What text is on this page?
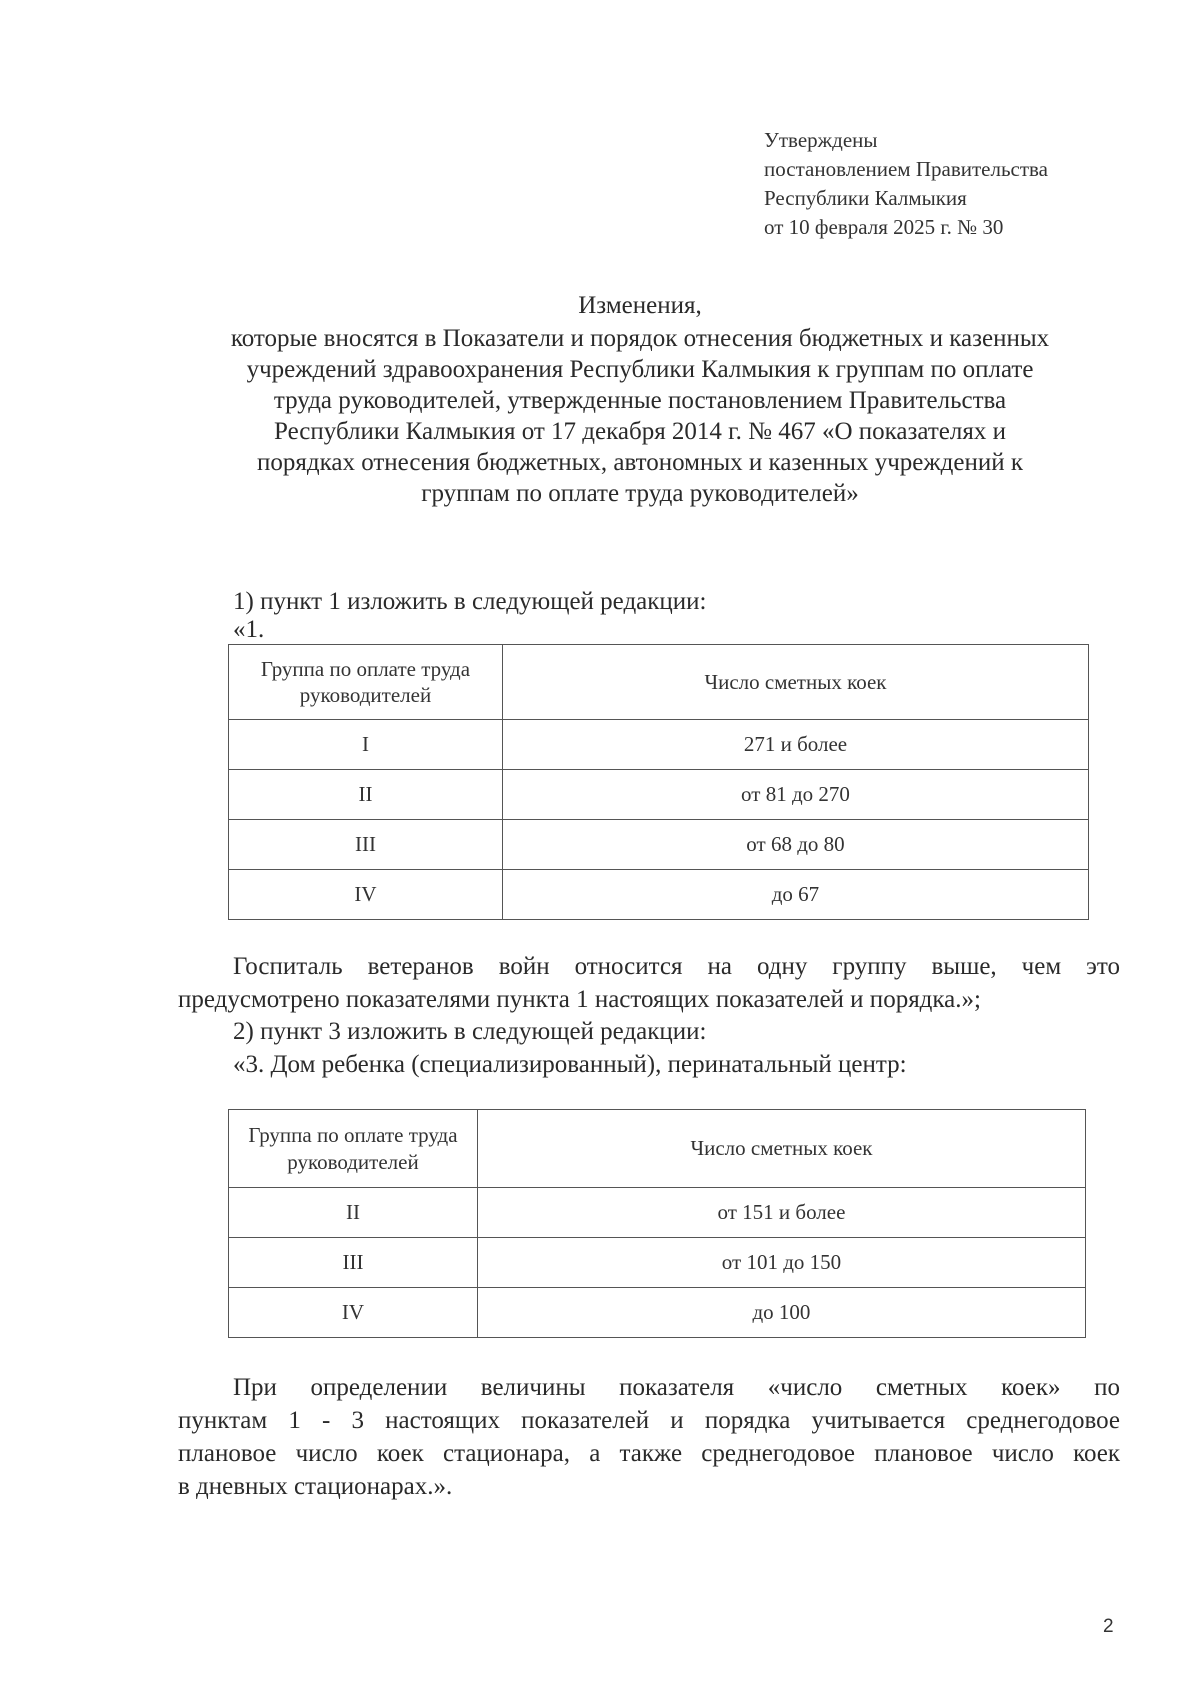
Утверждены
постановлением Правительства
Республики Калмыкия
от 10 февраля 2025 г. № 30
Изменения,
которые вносятся в Показатели и порядок отнесения бюджетных и казенных
учреждений здравоохранения Республики Калмыкия к группам по оплате
труда руководителей, утвержденные постановлением Правительства
Республики Калмыкия от 17 декабря 2014 г. № 467 «О показателях и
порядках отнесения бюджетных, автономных и казенных учреждений к
группам по оплате труда руководителей»
1) пункт 1 изложить в следующей редакции:
«1.
Группа по оплате труда руководителей	Число сметных коек
I	271 и более
II	от 81 до 270
III	от 68 до 80
IV	до 67
Госпиталь ветеранов войн относится на одну группу выше, чем это
предусмотрено показателями пункта 1 настоящих показателей и порядка.»;
2) пункт 3 изложить в следующей редакции:
«3. Дом ребенка (специализированный), перинатальный центр:
Группа по оплате труда руководителей	Число сметных коек
II	от 151 и более
III	от 101 до 150
IV	до 100
При определении величины показателя «число сметных коек» по
пунктам 1 - 3 настоящих показателей и порядка учитывается среднегодовое
плановое число коек стационара, а также среднегодовое плановое число коек
в дневных стационарах.».
2
